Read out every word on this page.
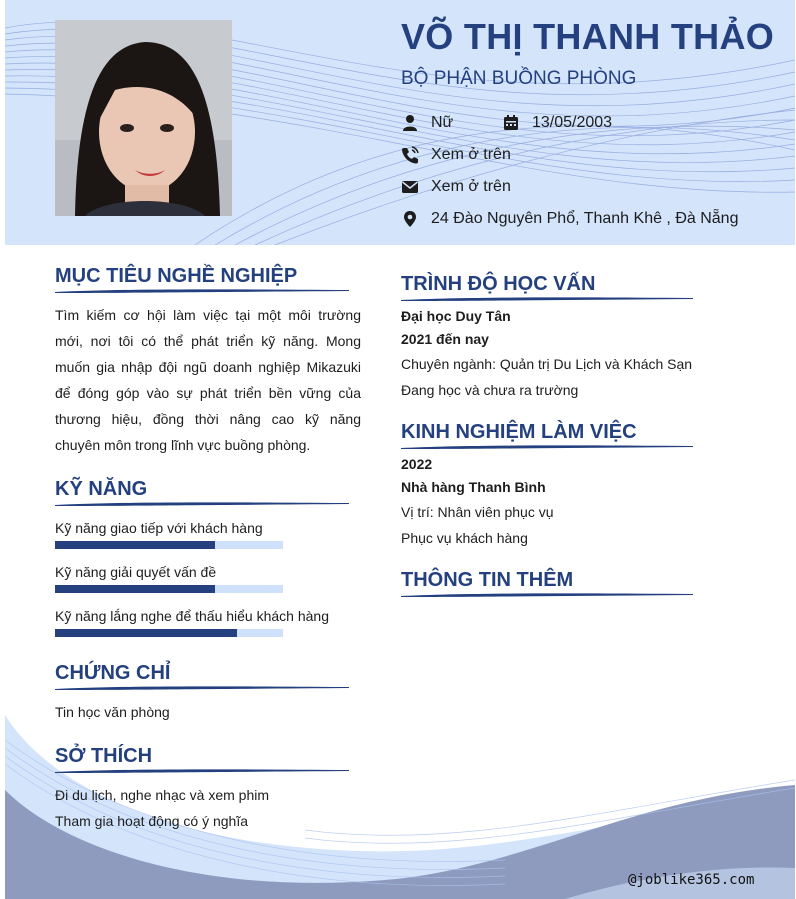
VÕ THỊ THANH THẢO
BỘ PHẬN BUỒNG PHÒNG
Nữ	13/05/2003
Xem ở trên
Xem ở trên
24 Đào Nguyên Phổ, Thanh Khê , Đà Nẵng
MỤC TIÊU NGHỀ NGHIỆP
Tìm kiếm cơ hội làm việc tại một môi trường mới, nơi tôi có thể phát triển kỹ năng. Mong muốn gia nhập đội ngũ doanh nghiệp Mikazuki để đóng góp vào sự phát triển bền vững của thương hiệu, đồng thời nâng cao kỹ năng chuyên môn trong lĩnh vực buồng phòng.
KỸ NĂNG
Kỹ năng giao tiếp với khách hàng
Kỹ năng giải quyết vấn đề
Kỹ năng lắng nghe để thấu hiểu khách hàng
CHỨNG CHỈ
Tin học văn phòng
SỞ THÍCH
Đi du lịch, nghe nhạc và xem phim
Tham gia hoạt động có ý nghĩa
TRÌNH ĐỘ HỌC VẤN
Đại học Duy Tân
2021 đến nay
Chuyên ngành: Quản trị Du Lịch và Khách Sạn
Đang học và chưa ra trường
KINH NGHIỆM LÀM VIỆC
2022
Nhà hàng Thanh Bình
Vị trí: Nhân viên phục vụ
Phục vụ khách hàng
THÔNG TIN THÊM
@joblike365.com
